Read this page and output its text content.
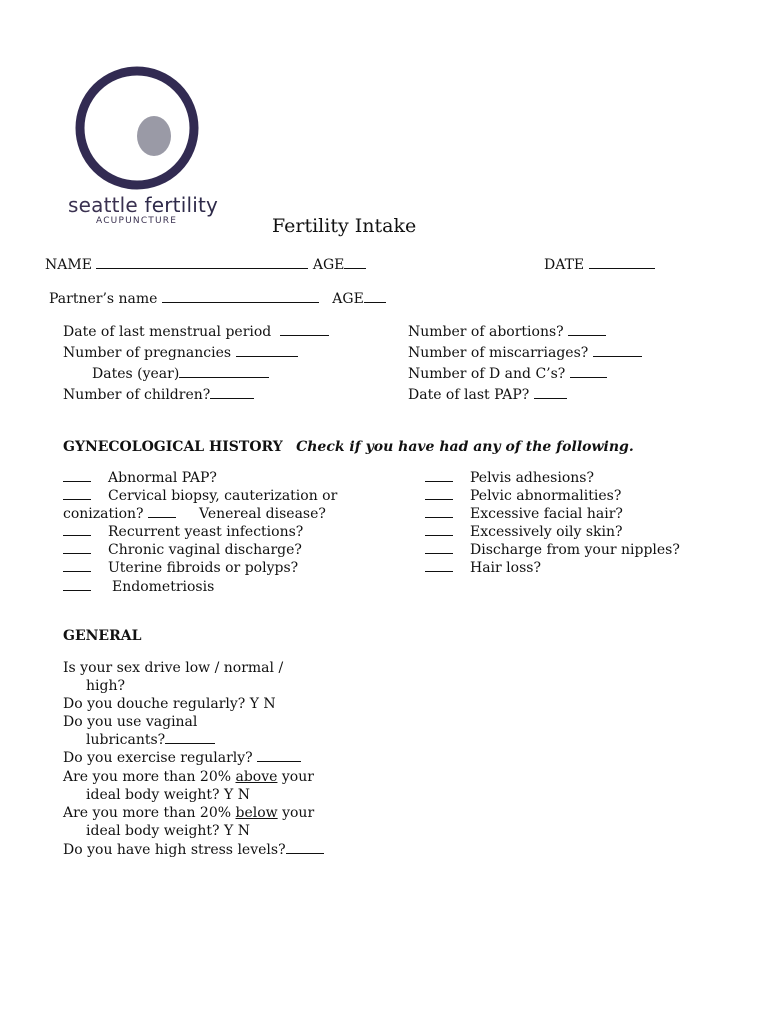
seattle fertility
ACUPUNCTURE	Fertility Intake
NAME	AGE	DATE
Partner’s name	AGE
Date of last menstrual period
Number of pregnancies
Dates (year)
Number of children?
Number of abortions?
Number of miscarriages?
Number of D and C’s?
Date of last PAP?
GYNECOLOGICAL HISTORY Check if you have had any of the following.
Abnormal PAP?
Cervical biopsy, cauterization or
conization?	Venereal disease?
Recurrent yeast infections?
Chronic vaginal discharge?
Uterine fibroids or polyps?
Endometriosis
Pelvis adhesions?
Pelvic abnormalities?
Excessive facial hair?
Excessively oily skin?
Discharge from your nipples?
Hair loss?
GENERAL
Is your sex drive low / normal /
high?
Do you douche regularly? Y N
Do you use vaginal
lubricants?
Do you exercise regularly?
Are you more than 20% above your
ideal body weight? Y N
Are you more than 20% below your
ideal body weight? Y N
Do you have high stress levels?
